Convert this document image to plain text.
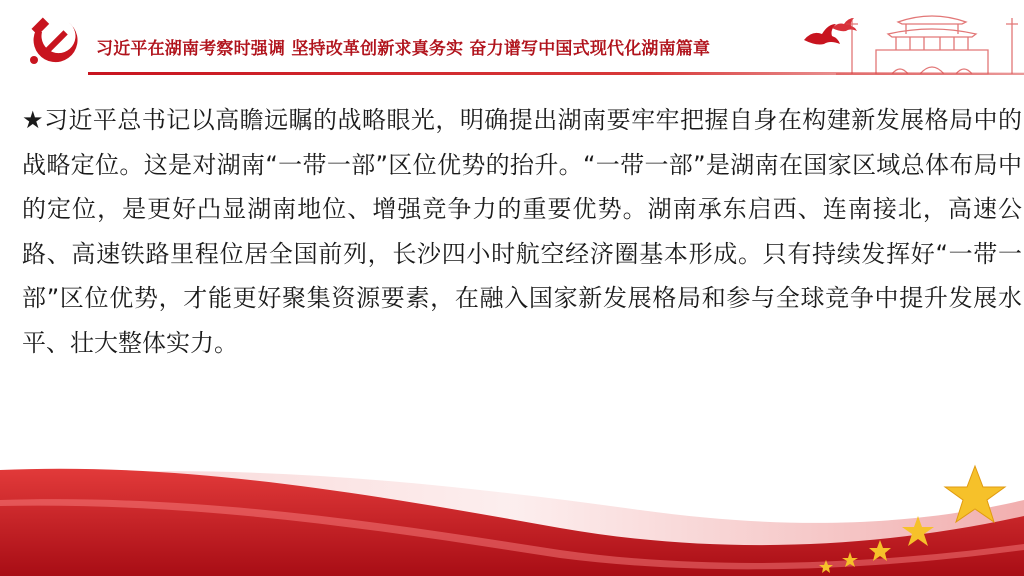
习近平在湖南考察时强调 坚持改革创新求真务实 奋力谱写中国式现代化湖南篇章
★习近平总书记以高瞻远瞩的战略眼光，明确提出湖南要牢牢把握自身在构建新发展格局中的战略定位。这是对湖南“一带一部”区位优势的抬升。“一带一部”是湖南在国家区域总体布局中的定位，是更好凸显湖南地位、增强竞争力的重要优势。湖南承东启西、连南接北，高速公路、高速铁路里程位居全国前列，长沙四小时航空经济圈基本形成。只有持续发挥好“一带一部”区位优势，才能更好聚集资源要素，在融入国家新发展格局和参与全球竞争中提升发展水平、壮大整体实力。
